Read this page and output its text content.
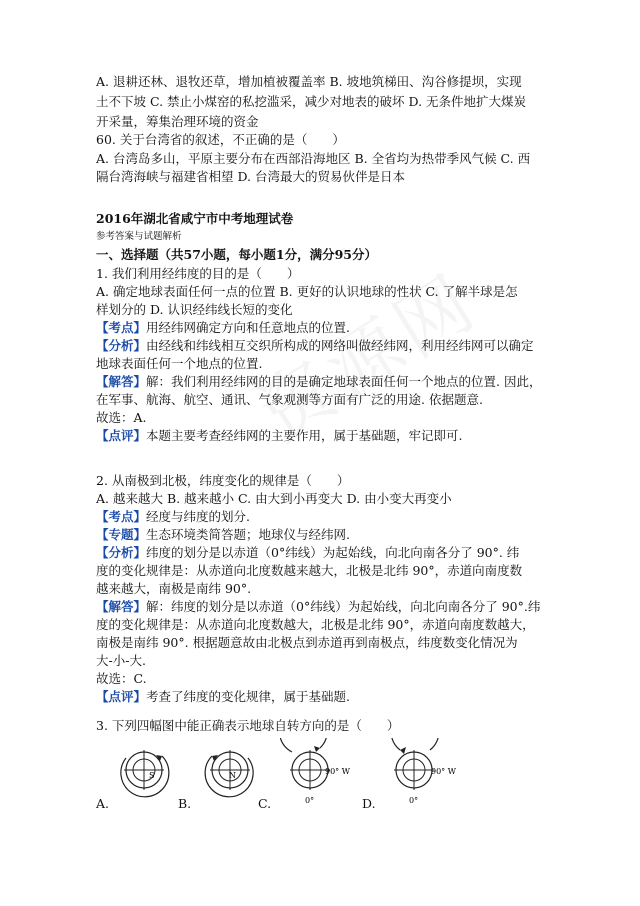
A. 退耕还林、退牧还草，增加植被覆盖率 B. 坡地筑梯田、沟谷修提坝，实现
土不下坡 C. 禁止小煤窑的私挖滥采，减少对地表的破坏 D. 无条件地扩大煤炭
开采量，筹集治理环境的资金
60. 关于台湾省的叙述，不正确的是（　　）
A. 台湾岛多山，平原主要分布在西部沿海地区 B. 全省均为热带季风气候 C. 西
隔台湾海峡与福建省相望 D. 台湾最大的贸易伙伴是日本
2016年湖北省咸宁市中考地理试卷
参考答案与试题解析
一、选择题（共57小题，每小题1分，满分95分）
1. 我们利用经纬度的目的是（　　）
A. 确定地球表面任何一点的位置 B. 更好的认识地球的性状 C. 了解半球是怎
样划分的 D. 认识经纬线长短的变化
【考点】用经纬网确定方向和任意地点的位置.
【分析】由经线和纬线相互交织所构成的网络叫做经纬网，利用经纬网可以确定
地球表面任何一个地点的位置.
【解答】解：我们利用经纬网的目的是确定地球表面任何一个地点的位置. 因此，
在军事、航海、航空、通讯、气象观测等方面有广泛的用途. 依据题意.
故选：A.
【点评】本题主要考查经纬网的主要作用，属于基础题，牢记即可.
2. 从南极到北极，纬度变化的规律是（　　）
A. 越来越大 B. 越来越小 C. 由大到小再变大 D. 由小变大再变小
【考点】经度与纬度的划分.
【专题】生态环境类简答题；地球仪与经纬网.
【分析】纬度的划分是以赤道（0°纬线）为起始线，向北向南各分了 90°. 纬
度的变化规律是：从赤道向北度数越来越大，北极是北纬 90°，赤道向南度数
越来越大，南极是南纬 90°.
【解答】解：纬度的划分是以赤道（0°纬线）为起始线，向北向南各分了 90°.纬
度的变化规律是：从赤道向北度数越大，北极是北纬 90°，赤道向南度数越大，
南极是南纬 90°. 根据题意故由北极点到赤道再到南极点，纬度数变化情况为
大-小-大.
故选：C.
【点评】考查了纬度的变化规律，属于基础题.
3. 下列四幅图中能正确表示地球自转方向的是（　　）
A.
S
B.
N
C.
90° W
0°	D.
90° W
0°
